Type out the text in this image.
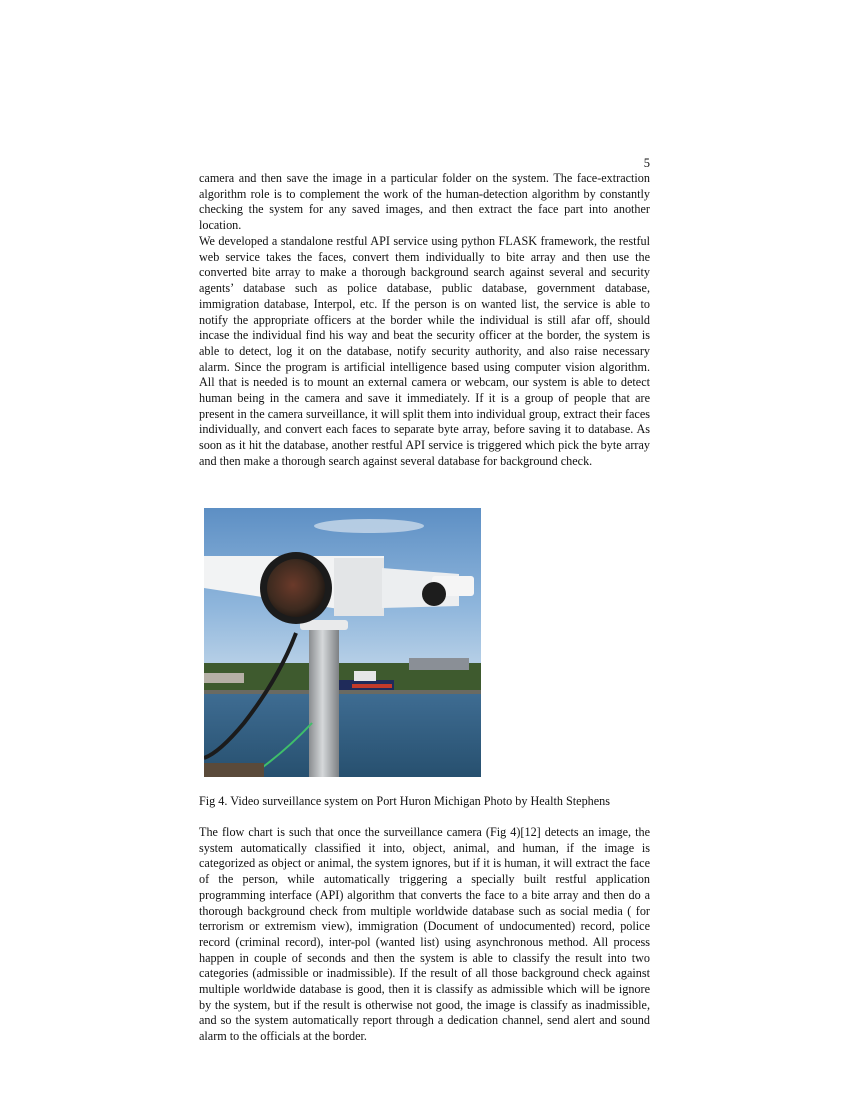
5

camera and then save the image in a particular folder on the system. The face-extraction algorithm role is to complement the work of the human-detection algorithm by constantly checking the system for any saved images, and then extract the face part into another location.

We developed a standalone restful API service using python FLASK framework, the restful web service takes the faces, convert them individually to bite array and then use the converted bite array to make a thorough background search against several and security agents’ database such as police database, public database, government database, immigration database, Interpol, etc. If the person is on wanted list, the service is able to notify the appropriate officers at the border while the individual is still afar off, should incase the individual find his way and beat the security officer at the border, the system is able to detect, log it on the database, notify security authority, and also raise necessary alarm. Since the program is artificial intelligence based using computer vision algorithm. All that is needed is to mount an external camera or webcam, our system is able to detect human being in the camera and save it immediately. If it is a group of people that are present in the camera surveillance, it will split them into individual group, extract their faces individually, and convert each faces to separate byte array, before saving it to database. As soon as it hit the database, another restful API service is triggered which pick the byte array and then make a thorough search against several database for background check.

Fig 4. Video surveillance system on Port Huron Michigan Photo by Health Stephens

The flow chart is such that once the surveillance camera (Fig 4)[12] detects an image, the system automatically classified it into, object, animal, and human, if the image is categorized as object or animal, the system ignores, but if it is human, it will extract the face of the person, while automatically triggering a specially built restful application programming interface (API) algorithm that converts the face to a bite array and then do a thorough background check from multiple worldwide database such as social media ( for terrorism or extremism view), immigration (Document of undocumented) record, police record (criminal record), inter-pol (wanted list) using asynchronous method. All process happen in couple of seconds and then the system is able to classify the result into two categories (admissible or inadmissible). If the result of all those background check against multiple worldwide database is good, then it is classify as admissible which will be ignore by the system, but if the result is otherwise not good, the image is classify as inadmissible, and so the system automatically report through a dedication channel, send alert and sound alarm to the officials at the border.
